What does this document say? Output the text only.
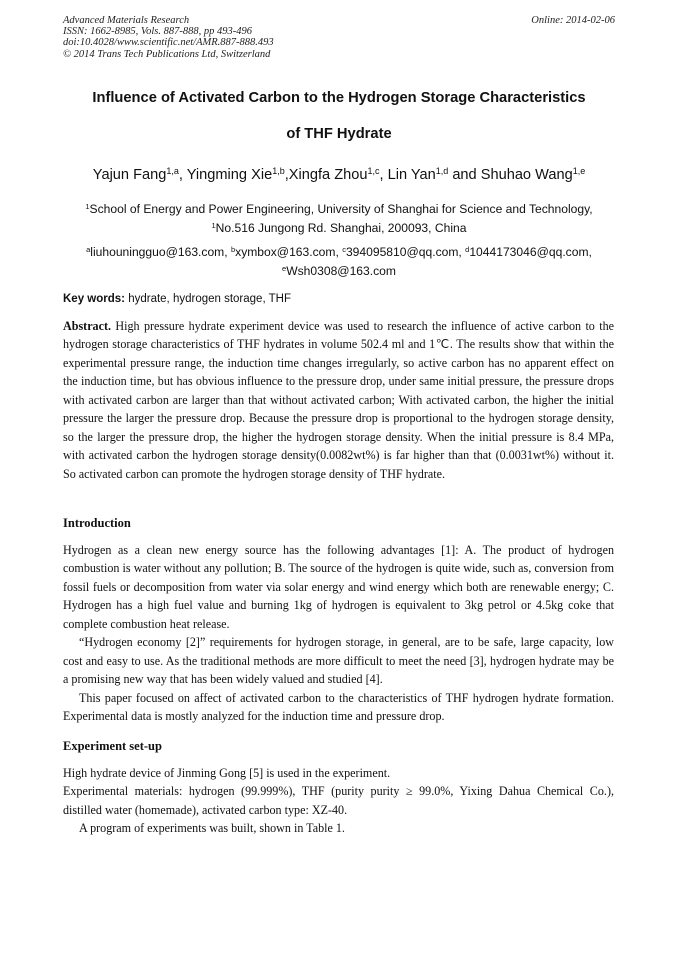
Advanced Materials Research
ISSN: 1662-8985, Vols. 887-888, pp 493-496
doi:10.4028/www.scientific.net/AMR.887-888.493
© 2014 Trans Tech Publications Ltd, Switzerland
Online: 2014-02-06
Influence of Activated Carbon to the Hydrogen Storage Characteristics
of THF Hydrate
Yajun Fang$^{1,a}$, Yingming Xie$^{1,b}$,Xingfa Zhou$^{1,c}$, Lin Yan$^{1,d}$ and Shuhao Wang$^{1,e}$
$^1$School of Energy and Power Engineering, University of Shanghai for Science and Technology,
$^1$No.516 Jungong Rd. Shanghai, 200093, China
$^a$liuhouningguo@163.com, $^b$xymbox@163.com, $^c$394095810@qq.com, $^d$1044173046@qq.com,
$^e$Wsh0308@163.com
Key words: hydrate, hydrogen storage, THF
Abstract. High pressure hydrate experiment device was used to research the influence of active carbon to the hydrogen storage characteristics of THF hydrates in volume 502.4 ml and 1℃. The results show that within the experimental pressure range, the induction time changes irregularly, so active carbon has no apparent effect on the induction time, but has obvious influence to the pressure drop, under same initial pressure, the pressure drops with activated carbon are larger than that without activated carbon; With activated carbon, the higher the initial pressure the larger the pressure drop. Because the pressure drop is proportional to the hydrogen storage density, so the larger the pressure drop, the higher the hydrogen storage density. When the initial pressure is 8.4 MPa, with activated carbon the hydrogen storage density(0.0082wt%) is far higher than that (0.0031wt%) without it. So activated carbon can promote the hydrogen storage density of THF hydrate.
Introduction

Hydrogen as a clean new energy source has the following advantages [1]: A. The product of hydrogen combustion is water without any pollution; B. The source of the hydrogen is quite wide, such as, conversion from fossil fuels or decomposition from water via solar energy and wind energy which both are renewable energy; C. Hydrogen has a high fuel value and burning 1kg of hydrogen is equivalent to 3kg petrol or 4.5kg coke that complete combustion heat release.

“Hydrogen economy [2]” requirements for hydrogen storage, in general, are to be safe, large capacity, low cost and easy to use. As the traditional methods are more difficult to meet the need [3], hydrogen hydrate may be a promising new way that has been widely valued and studied [4].

This paper focused on affect of activated carbon to the characteristics of THF hydrogen hydrate formation. Experimental data is mostly analyzed for the induction time and pressure drop.

Experiment set-up

High hydrate device of Jinming Gong [5] is used in the experiment.

Experimental materials: hydrogen (99.999%), THF (purity purity ≥ 99.0%, Yixing Dahua Chemical Co.), distilled water (homemade), activated carbon type: XZ-40.

A program of experiments was built, shown in Table 1.
